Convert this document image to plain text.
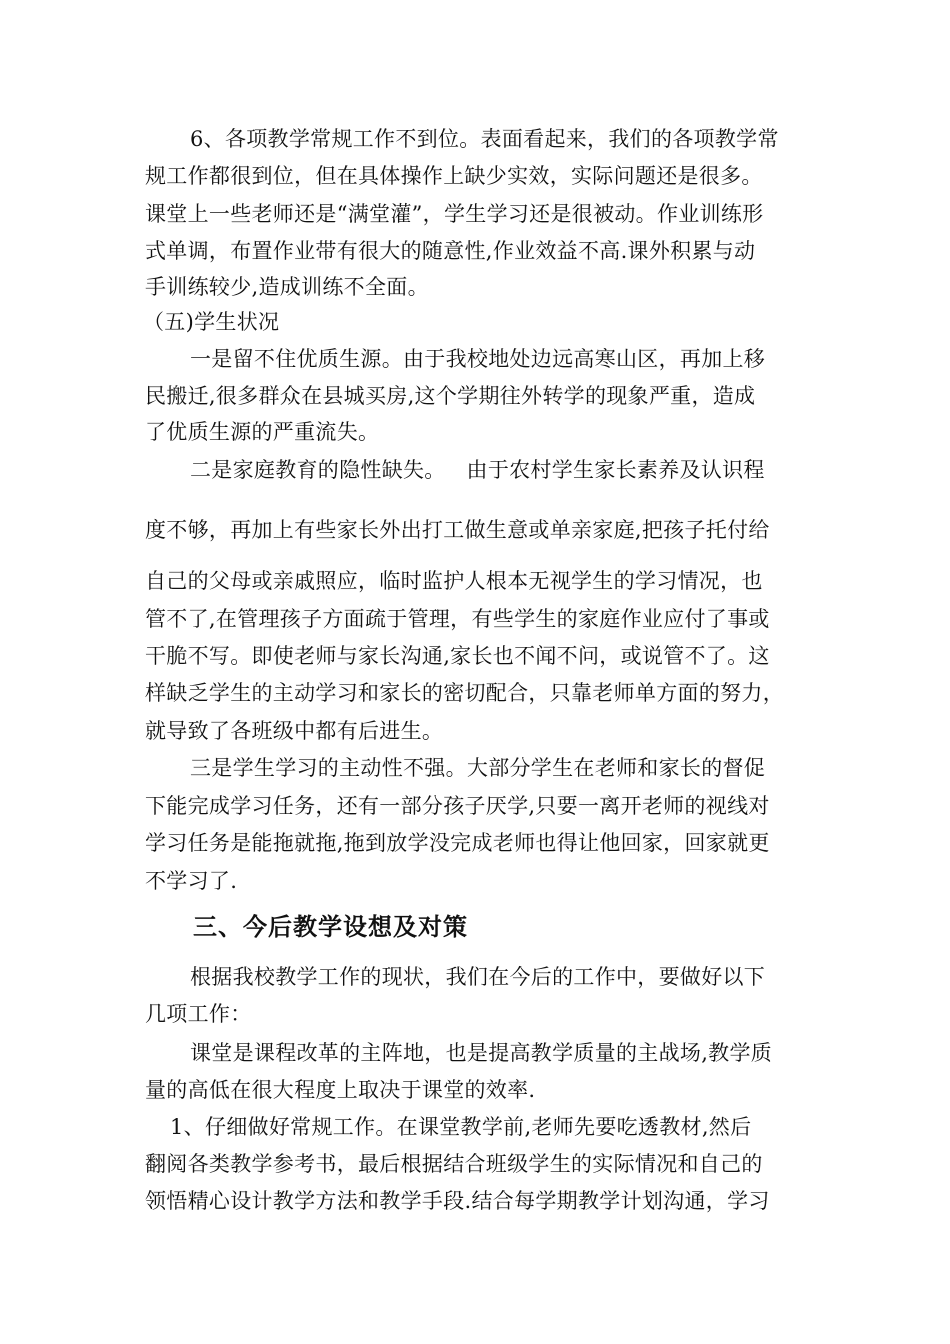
6、各项教学常规工作不到位。表面看起来，我们的各项教学常

规工作都很到位，但在具体操作上缺少实效，实际问题还是很多。

课堂上一些老师还是“满堂灌”，学生学习还是很被动。作业训练形

式单调，布置作业带有很大的随意性,作业效益不高.课外积累与动

手训练较少,造成训练不全面。

（五)学生状况

一是留不住优质生源。由于我校地处边远高寒山区，再加上移

民搬迁,很多群众在县城买房,这个学期往外转学的现象严重，造成

了优质生源的严重流失。

二是家庭教育的隐性缺失。   由于农村学生家长素养及认识程

度不够，再加上有些家长外出打工做生意或单亲家庭,把孩子托付给

自己的父母或亲戚照应，临时监护人根本无视学生的学习情况，也

管不了,在管理孩子方面疏于管理，有些学生的家庭作业应付了事或

干脆不写。即使老师与家长沟通,家长也不闻不问，或说管不了。这

样缺乏学生的主动学习和家长的密切配合，只靠老师单方面的努力，

就导致了各班级中都有后进生。

三是学生学习的主动性不强。大部分学生在老师和家长的督促

下能完成学习任务，还有一部分孩子厌学,只要一离开老师的视线对

学习任务是能拖就拖,拖到放学没完成老师也得让他回家，回家就更

不学习了.

三、今后教学设想及对策

根据我校教学工作的现状，我们在今后的工作中，要做好以下

几项工作：

课堂是课程改革的主阵地，也是提高教学质量的主战场,教学质

量的高低在很大程度上取决于课堂的效率.

1、仔细做好常规工作。在课堂教学前,老师先要吃透教材,然后

翻阅各类教学参考书，最后根据结合班级学生的实际情况和自己的

领悟精心设计教学方法和教学手段.结合每学期教学计划沟通，学习
